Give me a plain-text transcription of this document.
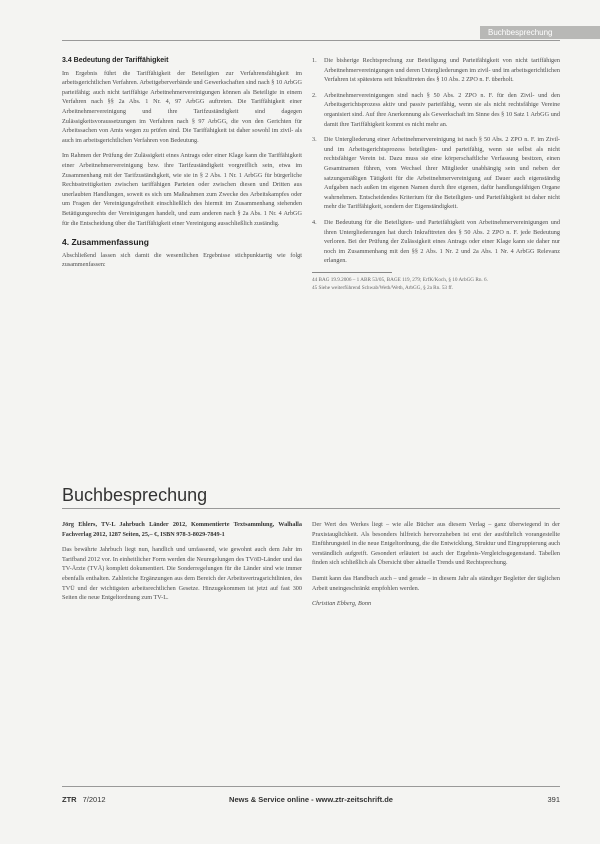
Buchbesprechung
3.4 Bedeutung der Tariffähigkeit

Im Ergebnis führt die Tariffähigkeit der Beteiligten zur Verfahrensfähigkeit im arbeitsgerichtlichen Verfahren. Arbeitgeberverbände und Gewerkschaften sind nach § 10 ArbGG parteifähig; auch nicht tariffähige Arbeitnehmervereinigungen können als Beteiligte in einem Verfahren nach §§ 2a Abs. 1 Nr. 4, 97 ArbGG auftreten. Die Tariffähigkeit einer Arbeitnehmervereinigung und ihre Tarifzuständigkeit sind dagegen Zulässigkeitsvoraussetzungen im Verfahren nach § 97 ArbGG, die von den Gerichten für Arbeitssachen von Amts wegen zu prüfen sind. Die Tariffähigkeit ist daher sowohl im zivil- als auch im arbeitsgerichtlichen Verfahren von Bedeutung.

Im Rahmen der Prüfung der Zulässigkeit eines Antrags oder einer Klage kann die Tariffähigkeit einer Arbeitnehmervereinigung bzw. ihre Tarifzuständigkeit vorgreiflich sein, etwa im Zusammenhang mit der Tarifzuständigkeit, wie sie in § 2 Abs. 1 Nr. 1 ArbGG für bürgerliche Rechtsstreitigkeiten zwischen tariffähigen Parteien oder zwischen diesen und Dritten aus unerlaubten Handlungen, soweit es sich um Maßnahmen zum Zwecke des Arbeitskampfes oder um Fragen der Vereinigungsfreiheit einschließlich des hiermit im Zusammenhang stehenden Betätigungsrechts der Vereinigungen handelt, und zum anderen nach § 2a Abs. 1 Nr. 4 ArbGG für die Entscheidung über die Tariffähigkeit einer Vereinigung ausschließlich zuständig.

4. Zusammenfassung

Abschließend lassen sich damit die wesentlichen Ergebnisse stichpunktartig wie folgt zusammenfassen:

1.	Die bisherige Rechtsprechung zur Beteiligung und Parteifähigkeit von nicht tariffähigen Arbeitnehmervereinigungen und deren Untergliederungen im zivil- und im arbeitsgerichtlichen Verfahren ist spätestens seit Inkrafttreten des § 10 Abs. 2 ZPO n. F. überholt.
2.	Arbeitnehmervereinigungen sind nach § 50 Abs. 2 ZPO n. F. für den Zivil- und den Arbeitsgerichtsprozess aktiv und passiv parteifähig, wenn sie als nicht rechtsfähige Vereine organisiert sind. Auf ihre Anerkennung als Gewerkschaft im Sinne des § 10 Satz 1 ArbGG und damit ihre Tariffähigkeit kommt es nicht mehr an.
3.	Die Untergliederung einer Arbeitnehmervereinigung ist nach § 50 Abs. 2 ZPO n. F. im Zivil- und im Arbeitsgerichtsprozess beteiligten- und parteifähig, wenn sie selbst als nicht rechtsfähiger Verein ist. Dazu muss sie eine körperschaftliche Verfassung besitzen, einen Gesamtnamen führen, vom Wechsel ihrer Mitglieder unabhängig sein und neben der satzungsmäßigen Tätigkeit für die Arbeitnehmervereinigung auf Dauer auch eigenständig Aufgaben nach außen im eigenen Namen durch ihre eigenen, dafür handlungsfähigen Organe wahrnehmen. Entscheidendes Kriterium für die Beteiligten- und Parteifähigkeit ist daher nicht mehr die Tariffähigkeit, sondern der Eigenständigkeit.
4.	Die Bedeutung für die Beteiligten- und Parteifähigkeit von Arbeitnehmervereinigungen und ihren Untergliederungen hat durch Inkrafttreten des § 50 Abs. 2 ZPO n. F. jede Bedeutung verloren. Bei der Prüfung der Zulässigkeit eines Antrags oder einer Klage kann sie daher nur noch im Zusammenhang mit den §§ 2 Abs. 1 Nr. 2 und 2a Abs. 1 Nr. 4 ArbGG Relevanz erlangen.
44 BAG 19.9.2006 – 1 ABR 53/05, BAGE 119, 279; ErfK/Koch, § 10 ArbGG Rn. 6.
45 Siehe weiterführend Schwab/Weth/Weth, ArbGG, § 2a Rn. 53 ff.
Buchbesprechung

Jörg Ehlers, TV-L Jahrbuch Länder 2012, Kommentierte Textsammlung, Walhalla Fachverlag 2012, 1287 Seiten, 25,– €, ISBN 978-3-8029-7849-1

Das bewährte Jahrbuch liegt nun, handlich und umfassend, wie gewohnt auch dem Jahr im Tarifband 2012 vor. In einheitlicher Form werden die Neuregelungen des TVöD-Länder und das TV-Ärzte (TVÄ) komplett dokumentiert. Die Sonderregelungen für die Länder sind wie immer ebenfalls enthalten. Zahlreiche Ergänzungen aus dem Bereich der Arbeitsvertragsrichtlinien, des TVÜ und der wichtigsten arbeitsrechtlichen Gesetze. Hinzugekommen ist jetzt auf fast 300 Seiten die neue Entgeltordnung zum TV-L.

Der Wert des Werkes liegt – wie alle Bücher aus diesem Verlag – ganz überwiegend in der Praxistauglichkeit. Als besonders hilfreich hervorzuheben ist erst der ausführlich vorangestellte Einführungsteil in die neue Entgeltordnung, die die Entwicklung, Struktur und Eingruppierung auch verständlich aufgreift. Gesondert erläutert ist auch der Ergebnis-Vergleichsgegenstand. Tabellen finden sich schließlich als Übersicht über aktuelle Trends und Rechtsprechung.

Damit kann das Handbuch auch – und gerade – in diesem Jahr als ständiger Begleiter der täglichen Arbeit uneingeschränkt empfohlen werden.

Christian Ebberg, Bonn

ZTR 7/2012	News & Service online - www.ztr-zeitschrift.de	391
